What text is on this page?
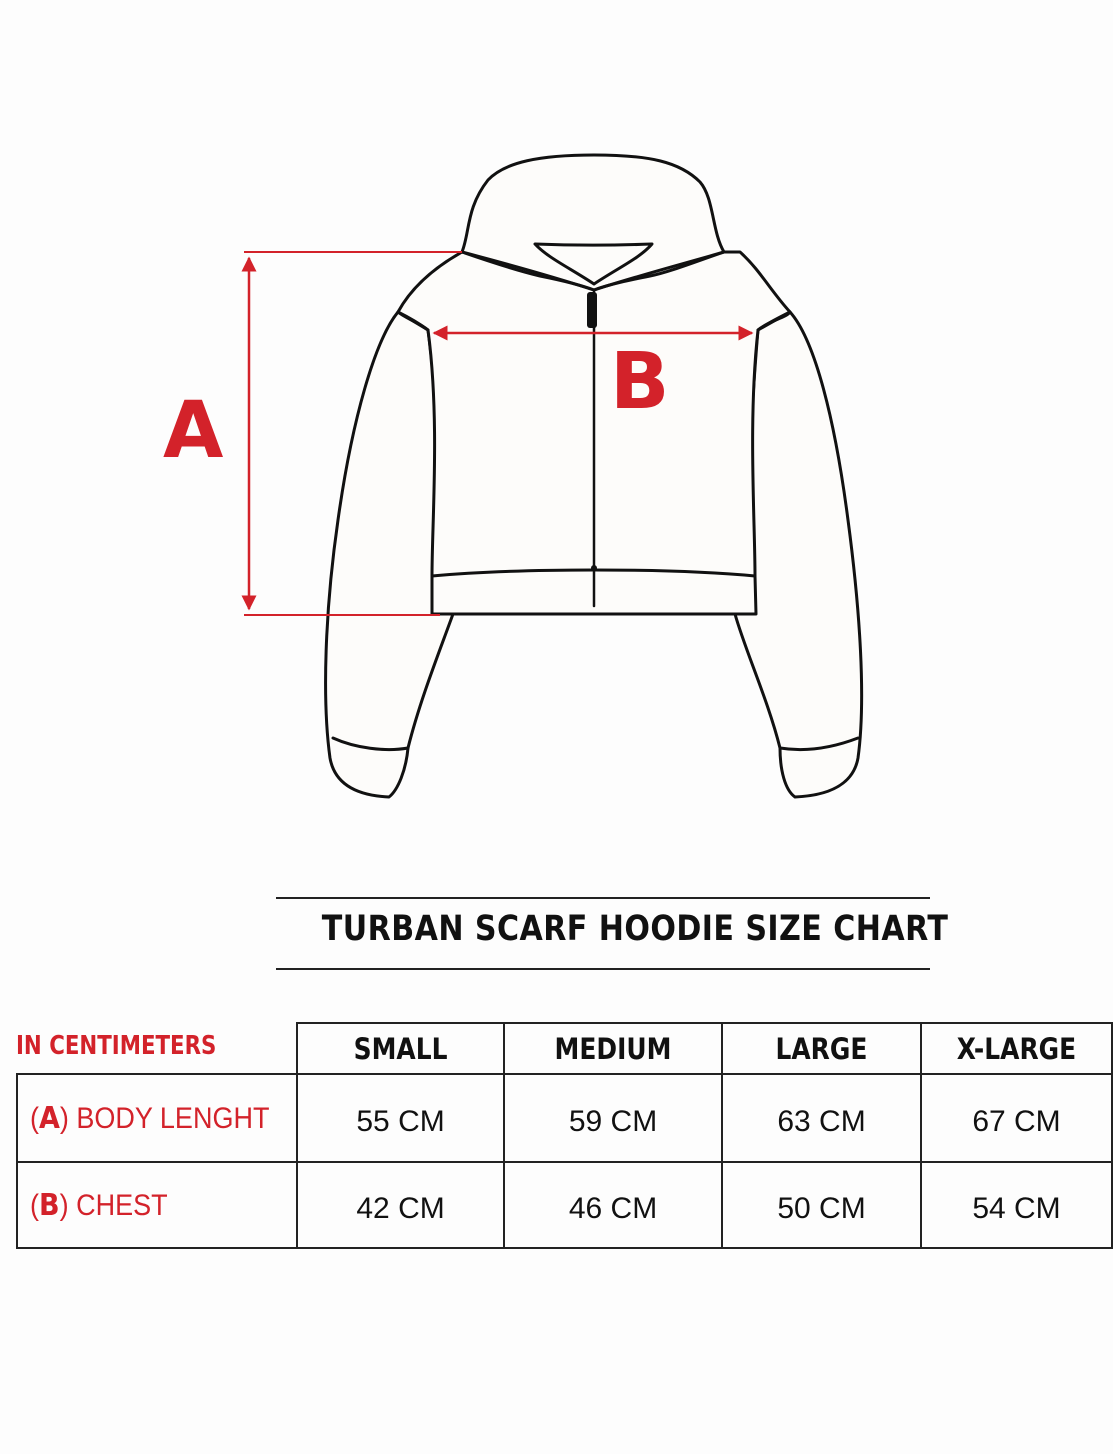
A
B
TURBAN SCARF HOODIE SIZE CHART
IN CENTIMETERS
		SMALL	MEDIUM	LARGE	X-LARGE
(A) BODY LENGHT	55 CM	59 CM	63 CM	67 CM
(B) CHEST	42 CM	46 CM	50 CM	54 CM
